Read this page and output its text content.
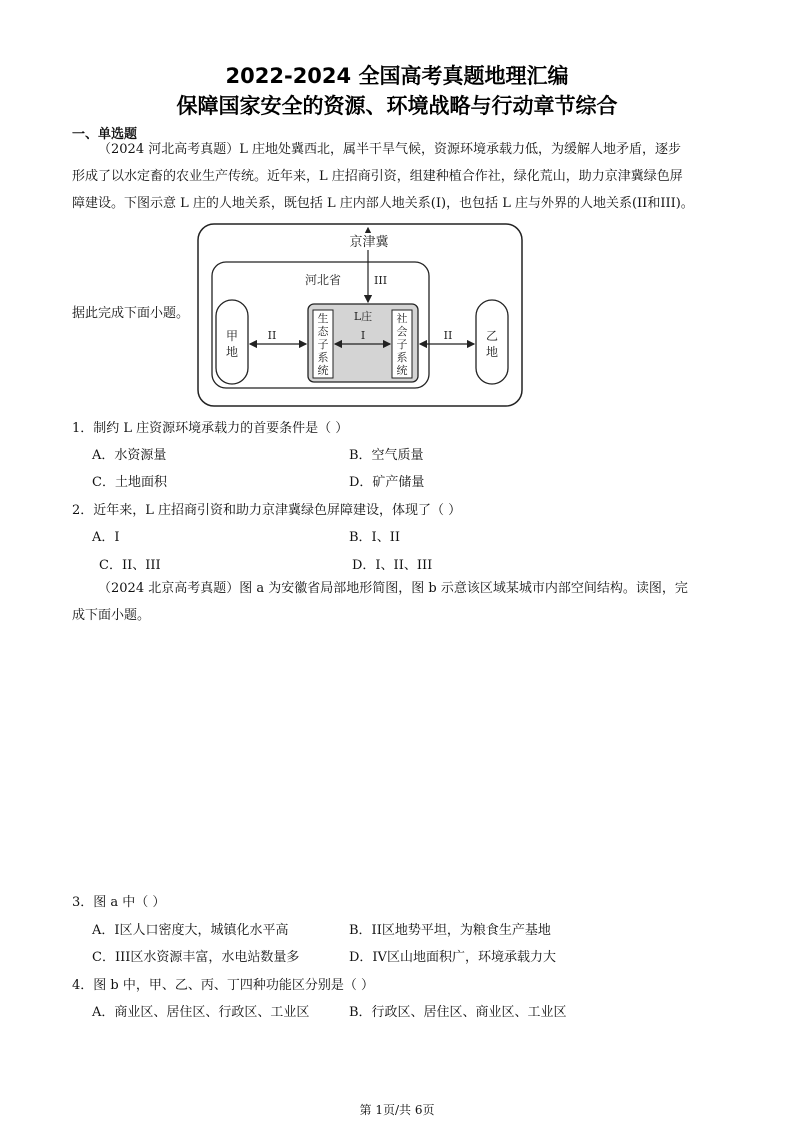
2022-2024 全国高考真题地理汇编
保障国家安全的资源、环境战略与行动章节综合
一、单选题
（2024 河北高考真题）L 庄地处冀西北，属半干旱气候，资源环境承载力低，为缓解人地矛盾，逐步
形成了以水定畜的农业生产传统。近年来，L 庄招商引资，组建种植合作社，绿化荒山，助力京津冀绿色屏
障建设。下图示意 L 庄的人地关系，既包括 L 庄内部人地关系(I)，也包括 L 庄与外界的人地关系(II和III)。
据此完成下面小题。
京津冀
河北省	III
L庄
I
II	II
生态子系统
社会子系统
甲地
乙地
1．制约 L 庄资源环境承载力的首要条件是（ ）
A．水资源量	B．空气质量
C．土地面积	D．矿产储量
2．近年来，L 庄招商引资和助力京津冀绿色屏障建设，体现了（ ）
A．I	B．I、II
C．II、III	D．I、II、III
（2024 北京高考真题）图 a 为安徽省局部地形简图，图 b 示意该区域某城市内部空间结构。读图，完
成下面小题。
3．图 a 中（ ）
A．I区人口密度大，城镇化水平高	B．II区地势平坦，为粮食生产基地
C．III区水资源丰富，水电站数量多	D．IV区山地面积广，环境承载力大
4．图 b 中，甲、乙、丙、丁四种功能区分别是（ ）
A．商业区、居住区、行政区、工业区	B．行政区、居住区、商业区、工业区
第 1页/共 6页
